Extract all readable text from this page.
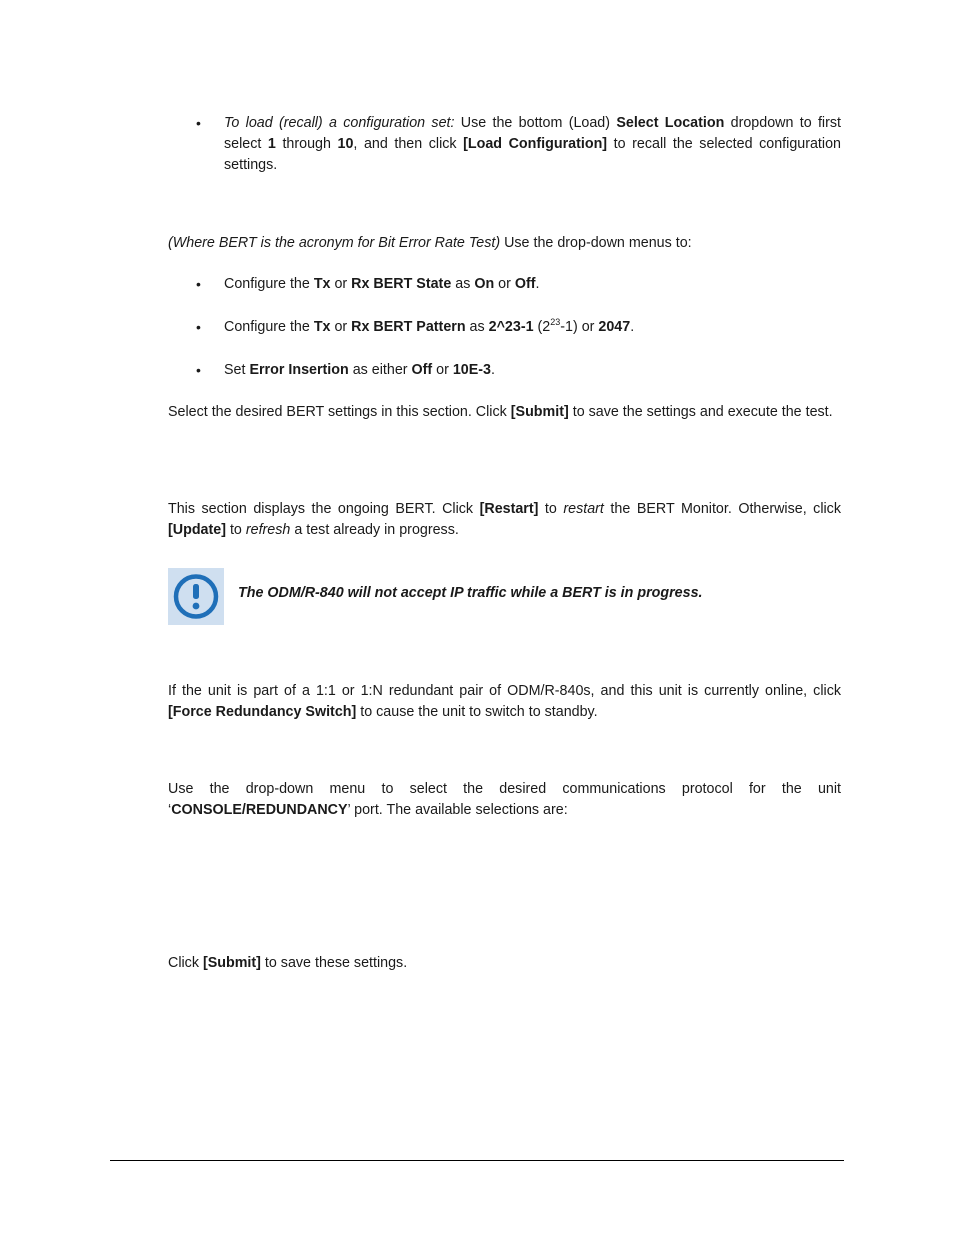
• To load (recall) a configuration set: Use the bottom (Load) Select Location dropdown to first select 1 through 10, and then click [Load Configuration] to recall the selected configuration settings.
(Where BERT is the acronym for Bit Error Rate Test) Use the drop-down menus to:
• Configure the Tx or Rx BERT State as On or Off.
• Configure the Tx or Rx BERT Pattern as 2^23-1 $(2^{23}-1)$ or 2047.
• Set Error Insertion as either Off or 10E-3.
Select the desired BERT settings in this section. Click [Submit] to save the settings and execute the test.
This section displays the ongoing BERT. Click [Restart] to restart the BERT Monitor. Otherwise, click [Update] to refresh a test already in progress.
The ODM/R-840 will not accept IP traffic while a BERT is in progress.
If the unit is part of a 1:1 or 1:N redundant pair of ODM/R-840s, and this unit is currently online, click [Force Redundancy Switch] to cause the unit to switch to standby.
Use the drop-down menu to select the desired communications protocol for the unit ‘CONSOLE/REDUNDANCY’ port. The available selections are:
Click [Submit] to save these settings.
